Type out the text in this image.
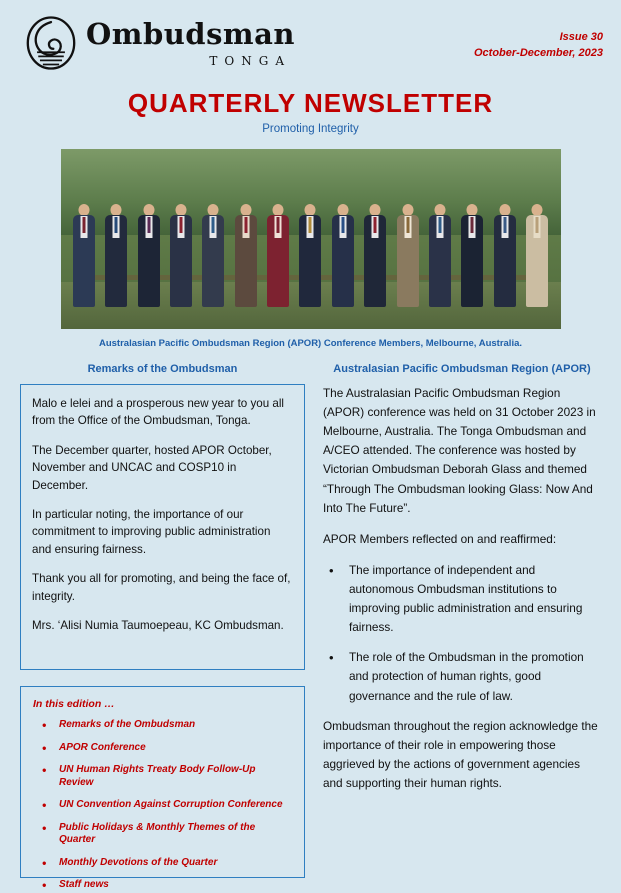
Ombudsman
TONGA
Issue 30
October-December, 2023
QUARTERLY NEWSLETTER
Promoting Integrity
Australasian Pacific Ombudsman Region (APOR) Conference Members, Melbourne, Australia.
Remarks of the Ombudsman

Malo e lelei and a prosperous new year to you all from the Office of the Ombudsman, Tonga.

The December quarter, hosted APOR October, November and UNCAC and COSP10 in December.

In particular noting, the importance of our commitment to improving public administration and ensuring fairness.

Thank you all for promoting, and being the face of, integrity.

Mrs. ‘Alisi Numia Taumoepeau, KC Ombudsman.

In this edition …
• Remarks of the Ombudsman
• APOR Conference
• UN Human Rights Treaty Body Follow-Up Review
• UN Convention Against Corruption Conference
• Public Holidays & Monthly Themes of the Quarter
• Monthly Devotions of the Quarter
• Staff news
Australasian Pacific Ombudsman Region (APOR)

The Australasian Pacific Ombudsman Region (APOR) conference was held on 31 October 2023 in Melbourne, Australia. The Tonga Ombudsman and A/CEO attended. The conference was hosted by Victorian Ombudsman Deborah Glass and themed “Through The Ombudsman looking Glass: Now And Into The Future”.

APOR Members reflected on and reaffirmed:

• The importance of independent and autonomous Ombudsman institutions to improving public administration and ensuring fairness.
• The role of the Ombudsman in the promotion and protection of human rights, good governance and the rule of law.

Ombudsman throughout the region acknowledge the importance of their role in empowering those aggrieved by the actions of government agencies and supporting their human rights.
